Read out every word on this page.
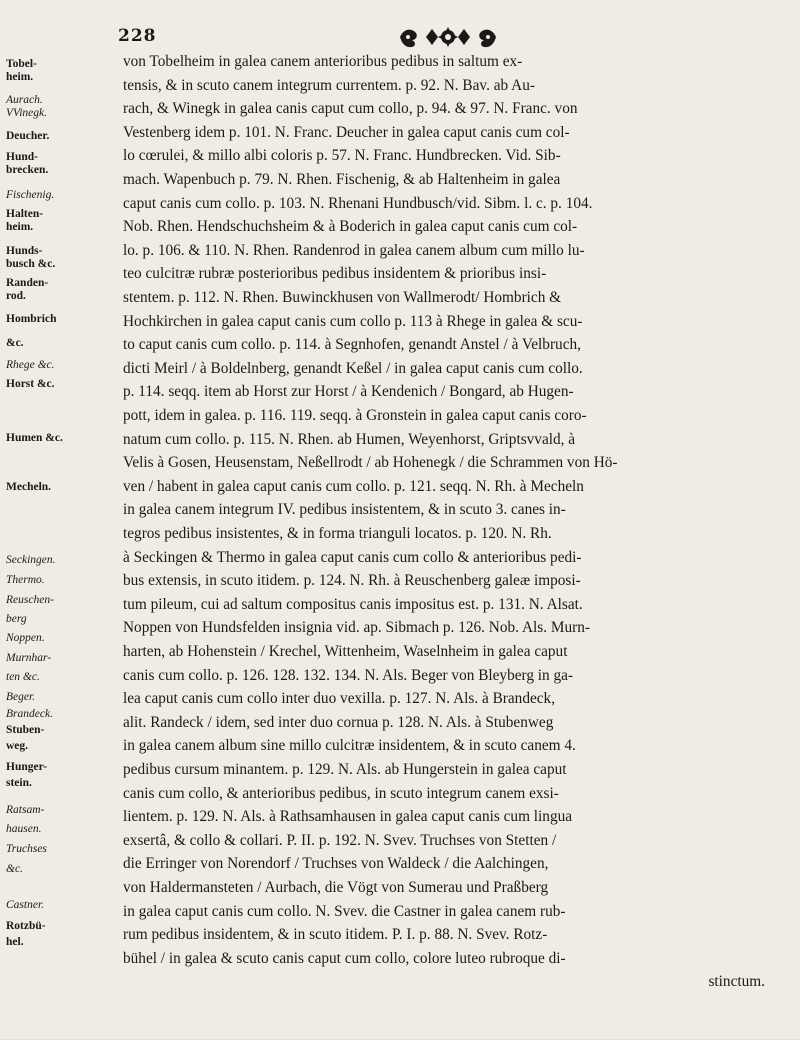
228
Tobel-
heim.
Aurach.
VVinegk.
Deucher.
Hund-
brecken.
Fischenig.
Halten-
heim.
Hunds-
busch &c.
Randen-
rod.
Hombrich
&c.
Rhege &c.
Horst &c.
Humen &c.
Mecheln.
Seckingen.
Thermo.
Reuschen-
berg
Noppen.
Murnhar-
ten &c.
Beger.
Brandeck.
Stuben-
weg.
Hunger-
stein.
Ratsam-
hausen.
Truchses
&c.
Castner.
Rotzbü-
hel.
von Tobelheim in galea canem anterioribus pedibus in saltum ex-
tensis, & in scuto canem integrum currentem. p. 92. N. Bav. ab Au-
rach, & Winegk in galea canis caput cum collo, p. 94. & 97. N. Franc. von
Vestenberg idem p. 101. N. Franc. Deucher in galea caput canis cum col-
lo cœrulei, & millo albi coloris p. 57. N. Franc. Hundbrecken. Vid. Sib-
mach. Wapenbuch p. 79. N. Rhen. Fischenig, & ab Haltenheim in galea
caput canis cum collo. p. 103. N. Rhenani Hundbusch/vid. Sibm. l. c. p. 104.
Nob. Rhen. Hendschuchsheim & à Boderich in galea caput canis cum col-
lo. p. 106. & 110. N. Rhen. Randenrod in galea canem album cum millo lu-
teo culcitræ rubræ posterioribus pedibus insidentem & prioribus insi-
stentem. p. 112. N. Rhen. Buwinckhusen von Wallmerodt/ Hombrich &
Hochkirchen in galea caput canis cum collo p. 113 à Rhege in galea & scu-
to caput canis cum collo. p. 114. à Segnhofen, genandt Anstel / à Velbruch,
dicti Meirl / à Boldelnberg, genandt Keßel / in galea caput canis cum collo.
p. 114. seqq. item ab Horst zur Horst / à Kendenich / Bongard, ab Hugen-
pott, idem in galea. p. 116. 119. seqq. à Gronstein in galea caput canis coro-
natum cum collo. p. 115. N. Rhen. ab Humen, Weyenhorst, Griptsvvald, à
Velis à Gosen, Heusenstam, Neßellrodt / ab Hohenegk / die Schrammen von Hö-
ven / habent in galea caput canis cum collo. p. 121. seqq. N. Rh. à Mecheln
in galea canem integrum IV. pedibus insistentem, & in scuto 3. canes in-
tegros pedibus insistentes, & in forma trianguli locatos. p. 120. N. Rh.
à Seckingen & Thermo in galea caput canis cum collo & anterioribus pedi-
bus extensis, in scuto itidem. p. 124. N. Rh. à Reuschenberg galeæ imposi-
tum pileum, cui ad saltum compositus canis impositus est. p. 131. N. Alsat.
Noppen von Hundsfelden insignia vid. ap. Sibmach p. 126. Nob. Als. Murn-
harten, ab Hohenstein / Krechel, Wittenheim, Waselnheim in galea caput
canis cum collo. p. 126. 128. 132. 134. N. Als. Beger von Bleyberg in ga-
lea caput canis cum collo inter duo vexilla. p. 127. N. Als. à Brandeck,
alit. Randeck / idem, sed inter duo cornua p. 128. N. Als. à Stubenweg
in galea canem album sine millo culcitræ insidentem, & in scuto canem 4.
pedibus cursum minantem. p. 129. N. Als. ab Hungerstein in galea caput
canis cum collo, & anterioribus pedibus, in scuto integrum canem exsi-
lientem. p. 129. N. Als. à Rathsamhausen in galea caput canis cum lingua
exsertâ, & collo & collari. P. II. p. 192. N. Svev. Truchses von Stetten /
die Erringer von Norendorf / Truchses von Waldeck / die Aalchingen,
von Haldermansteten / Aurbach, die Vögt von Sumerau und Praßberg
in galea caput canis cum collo. N. Svev. die Castner in galea canem rub-
rum pedibus insidentem, & in scuto itidem. P. I. p. 88. N. Svev. Rotz-
bühel / in galea & scuto canis caput cum collo, colore luteo rubroque di-
stinctum.
